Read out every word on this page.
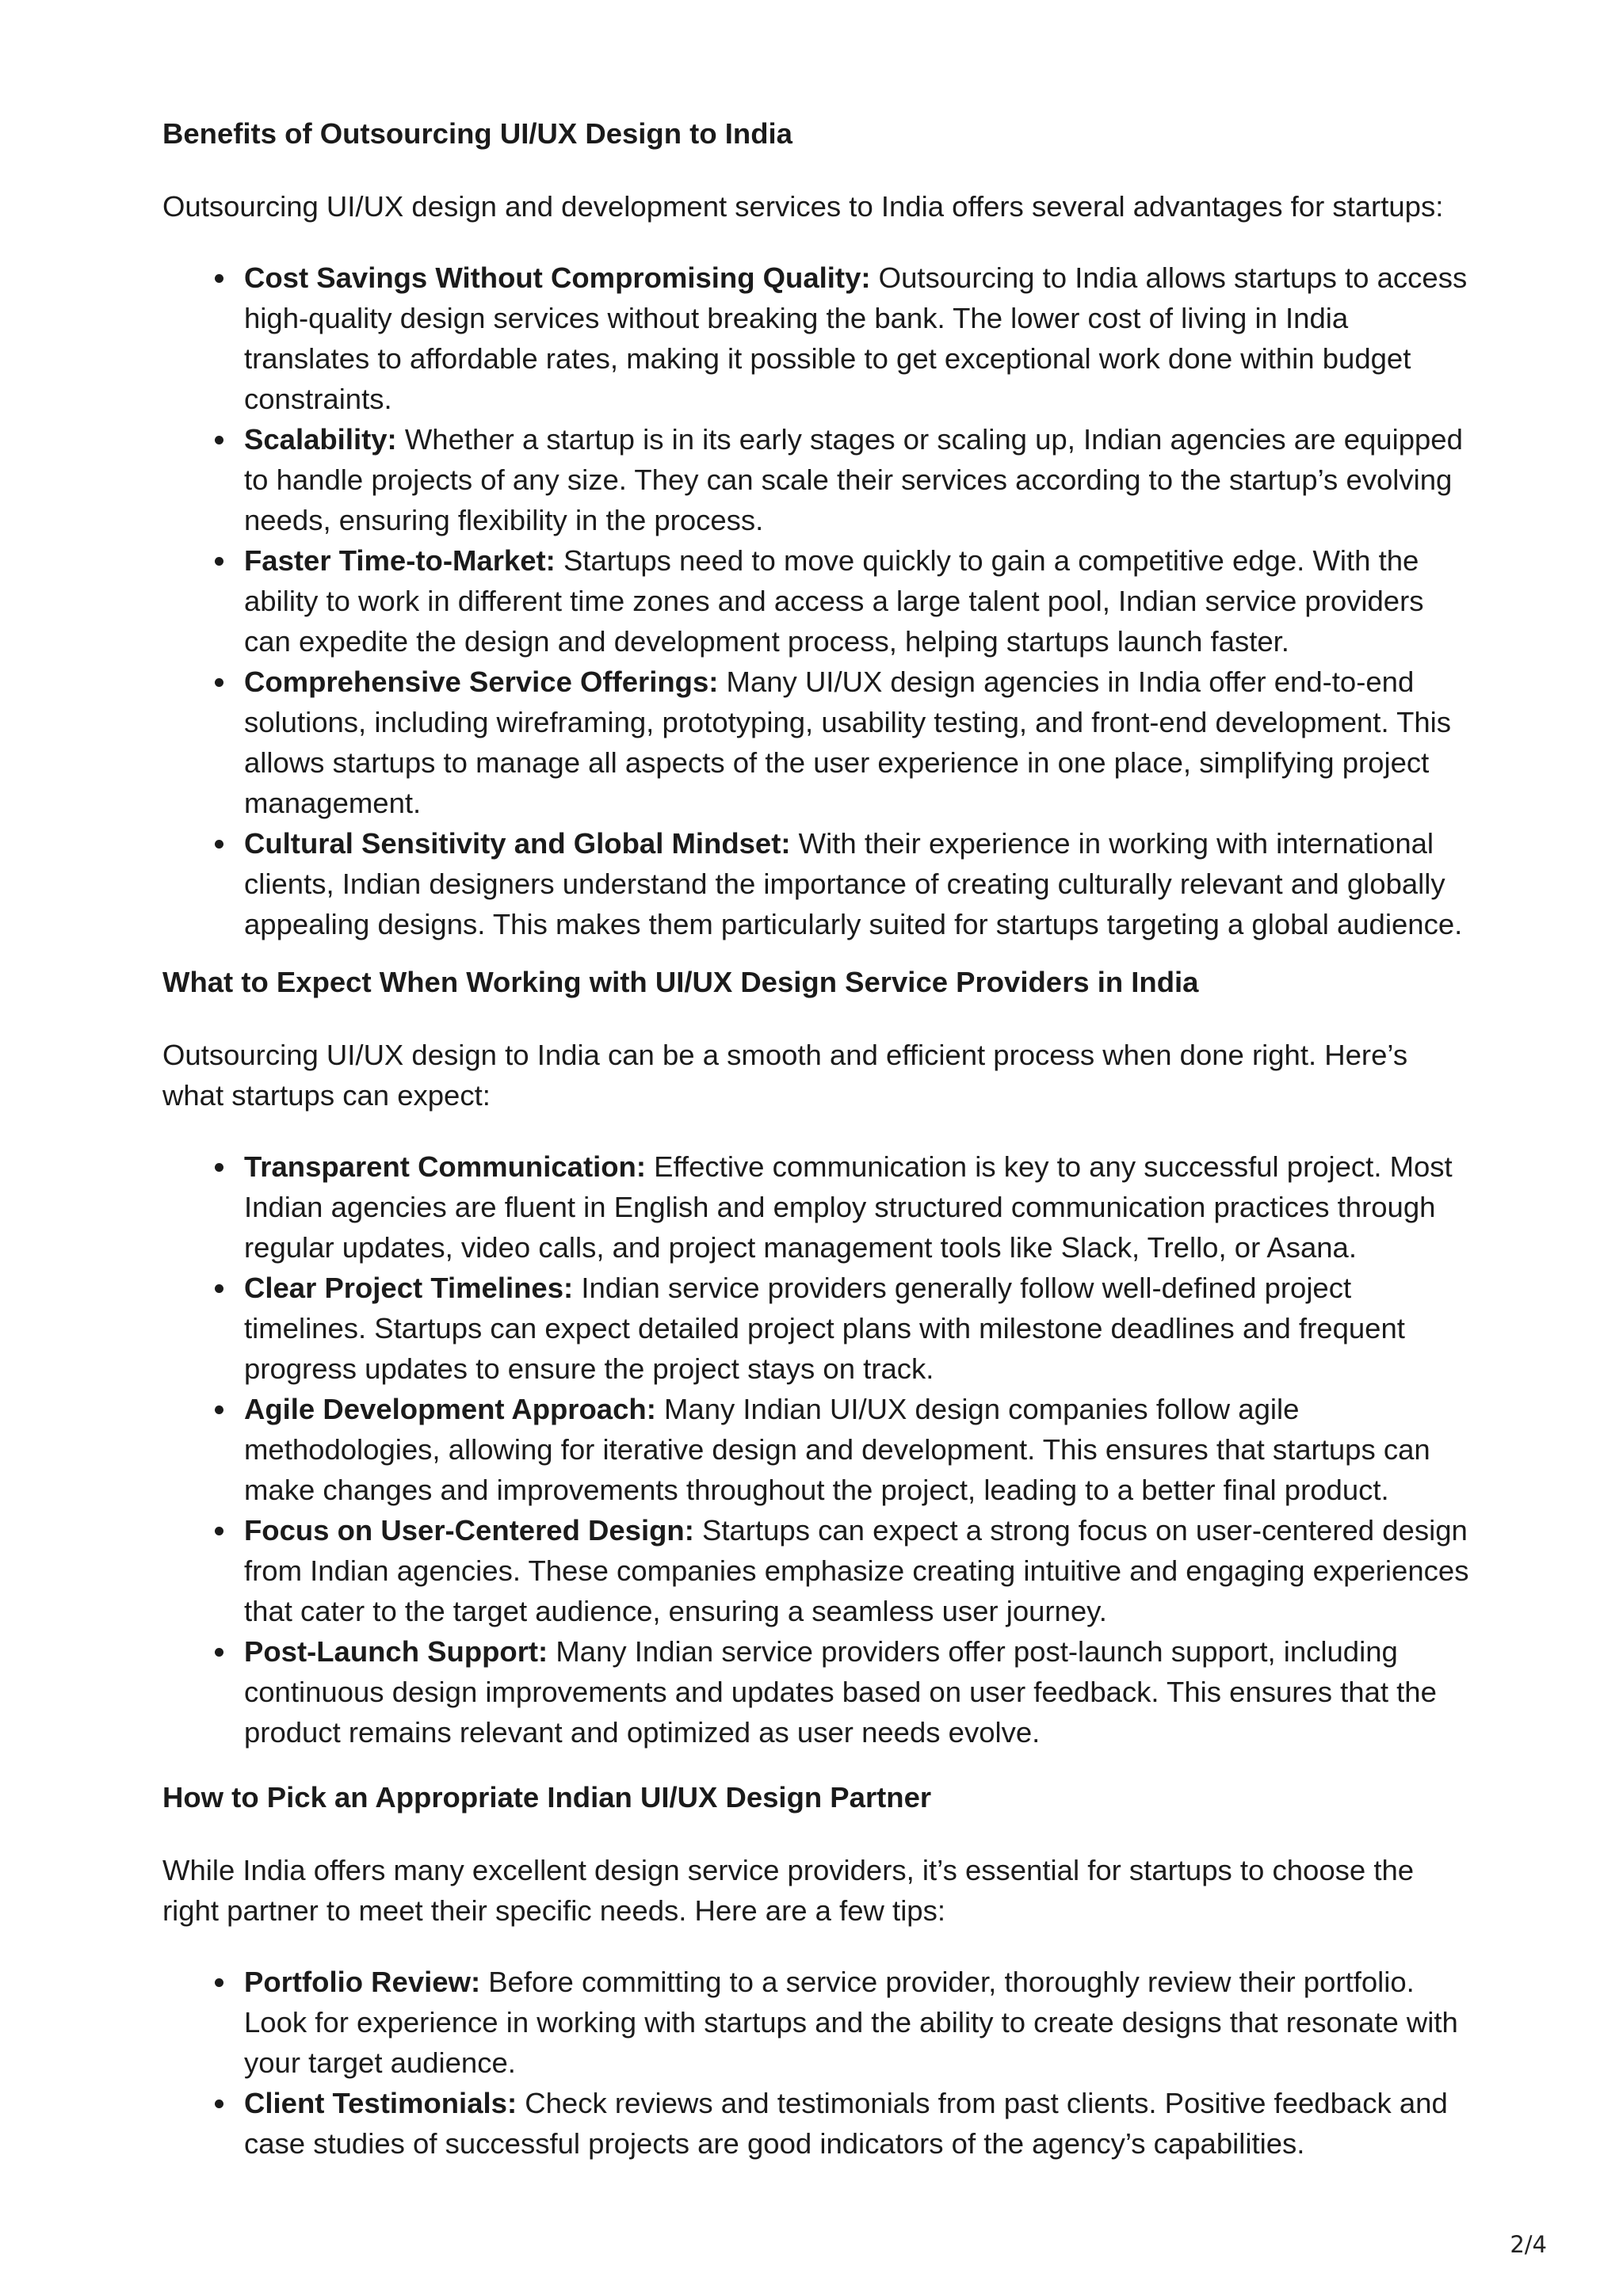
Benefits of Outsourcing UI/UX Design to India

Outsourcing UI/UX design and development services to India offers several advantages for startups:

Cost Savings Without Compromising Quality: Outsourcing to India allows startups to access high-quality design services without breaking the bank. The lower cost of living in India translates to affordable rates, making it possible to get exceptional work done within budget constraints.
Scalability: Whether a startup is in its early stages or scaling up, Indian agencies are equipped to handle projects of any size. They can scale their services according to the startup’s evolving needs, ensuring flexibility in the process.
Faster Time-to-Market: Startups need to move quickly to gain a competitive edge. With the ability to work in different time zones and access a large talent pool, Indian service providers can expedite the design and development process, helping startups launch faster.
Comprehensive Service Offerings: Many UI/UX design agencies in India offer end-to-end solutions, including wireframing, prototyping, usability testing, and front-end development. This allows startups to manage all aspects of the user experience in one place, simplifying project management.
Cultural Sensitivity and Global Mindset: With their experience in working with international clients, Indian designers understand the importance of creating culturally relevant and globally appealing designs. This makes them particularly suited for startups targeting a global audience.
What to Expect When Working with UI/UX Design Service Providers in India

Outsourcing UI/UX design to India can be a smooth and efficient process when done right. Here’s what startups can expect:

Transparent Communication: Effective communication is key to any successful project. Most Indian agencies are fluent in English and employ structured communication practices through regular updates, video calls, and project management tools like Slack, Trello, or Asana.
Clear Project Timelines: Indian service providers generally follow well-defined project timelines. Startups can expect detailed project plans with milestone deadlines and frequent progress updates to ensure the project stays on track.
Agile Development Approach: Many Indian UI/UX design companies follow agile methodologies, allowing for iterative design and development. This ensures that startups can make changes and improvements throughout the project, leading to a better final product.
Focus on User-Centered Design: Startups can expect a strong focus on user-centered design from Indian agencies. These companies emphasize creating intuitive and engaging experiences that cater to the target audience, ensuring a seamless user journey.
Post-Launch Support: Many Indian service providers offer post-launch support, including continuous design improvements and updates based on user feedback. This ensures that the product remains relevant and optimized as user needs evolve.
How to Pick an Appropriate Indian UI/UX Design Partner

While India offers many excellent design service providers, it’s essential for startups to choose the right partner to meet their specific needs. Here are a few tips:

Portfolio Review: Before committing to a service provider, thoroughly review their portfolio. Look for experience in working with startups and the ability to create designs that resonate with your target audience.
Client Testimonials: Check reviews and testimonials from past clients. Positive feedback and case studies of successful projects are good indicators of the agency’s capabilities.
2/4
